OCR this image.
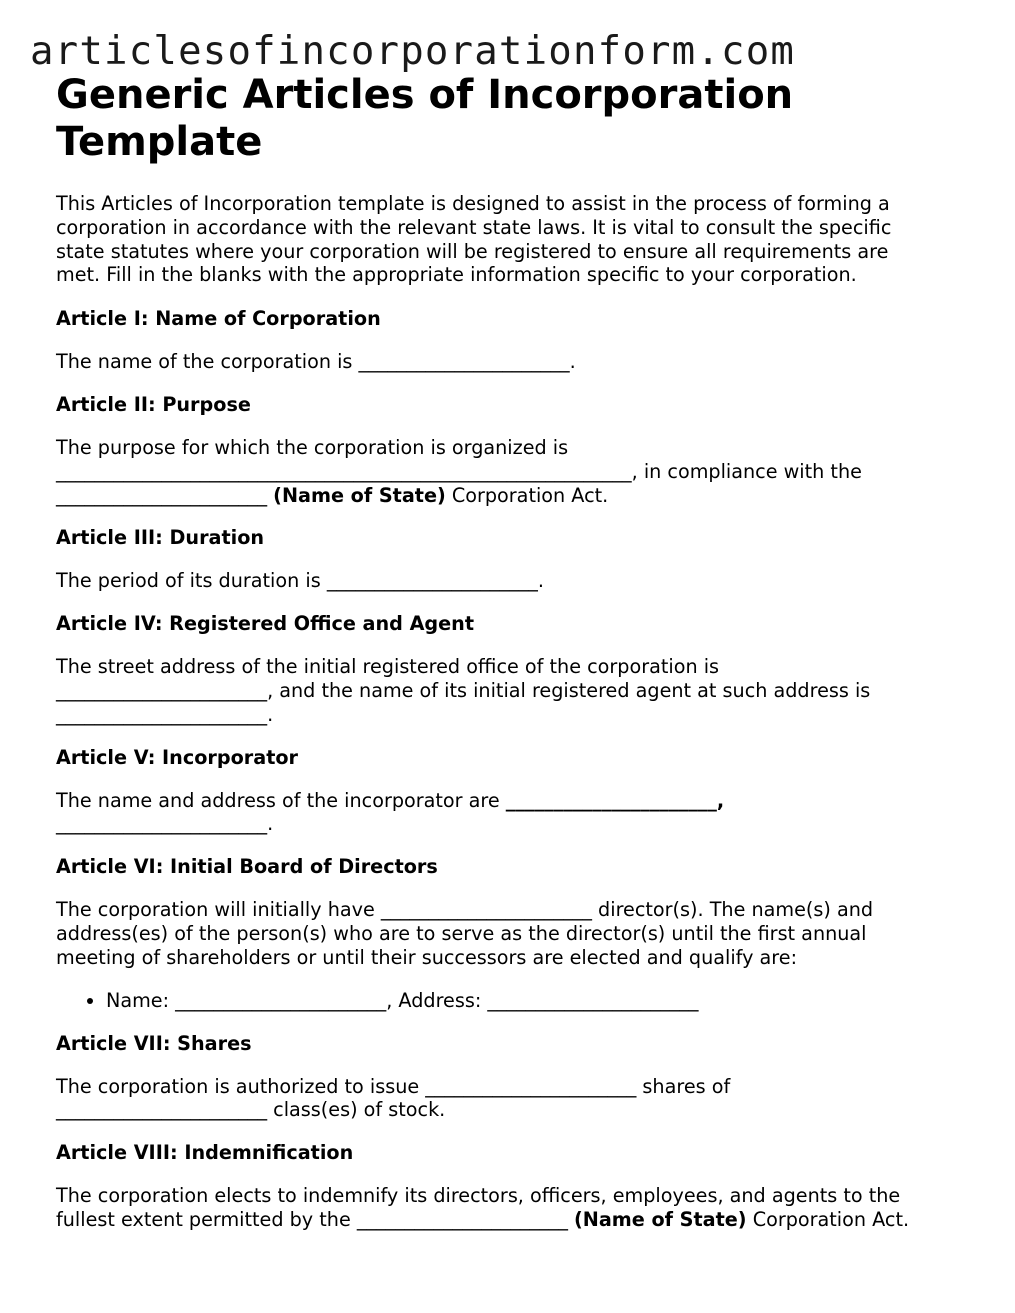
articlesofincorporationform.com
Generic Articles of Incorporation Template

This Articles of Incorporation template is designed to assist in the process of forming a corporation in accordance with the relevant state laws. It is vital to consult the specific state statutes where your corporation will be registered to ensure all requirements are met. Fill in the blanks with the appropriate information specific to your corporation.

Article I: Name of Corporation

The name of the corporation is ______________________.

Article II: Purpose

The purpose for which the corporation is organized is ____________________________________________________________, in compliance with the ______________________ (Name of State) Corporation Act.

Article III: Duration

The period of its duration is ______________________.

Article IV: Registered Office and Agent

The street address of the initial registered office of the corporation is ______________________, and the name of its initial registered agent at such address is ______________________.

Article V: Incorporator

The name and address of the incorporator are ______________________, ______________________.

Article VI: Initial Board of Directors

The corporation will initially have ______________________ director(s). The name(s) and address(es) of the person(s) who are to serve as the director(s) until the first annual meeting of shareholders or until their successors are elected and qualify are:

• Name: ______________________, Address: ______________________
Article VII: Shares

The corporation is authorized to issue ______________________ shares of ______________________ class(es) of stock.

Article VIII: Indemnification

The corporation elects to indemnify its directors, officers, employees, and agents to the fullest extent permitted by the ______________________ (Name of State) Corporation Act.
